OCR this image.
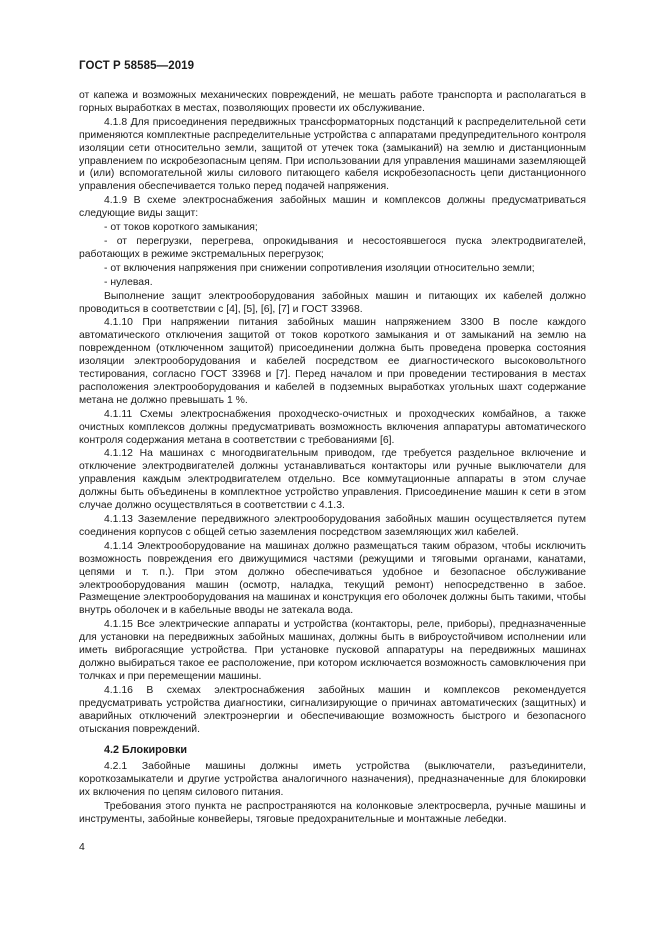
ГОСТ Р 58585—2019

от капежа и возможных механических повреждений, не мешать работе транспорта и располагаться в горных выработках в местах, позволяющих провести их обслуживание.

4.1.8 Для присоединения передвижных трансформаторных подстанций к распределительной сети применяются комплектные распределительные устройства с аппаратами предупредительного контроля изоляции сети относительно земли, защитой от утечек тока (замыканий) на землю и дистанционным управлением по искробезопасным цепям. При использовании для управления машинами заземляющей и (или) вспомогательной жилы силового питающего кабеля искробезопасность цепи дистанционного управления обеспечивается только перед подачей напряжения.

4.1.9 В схеме электроснабжения забойных машин и комплексов должны предусматриваться следующие виды защит:

- от токов короткого замыкания;

- от перегрузки, перегрева, опрокидывания и несостоявшегося пуска электродвигателей, работающих в режиме экстремальных перегрузок;

- от включения напряжения при снижении сопротивления изоляции относительно земли;

- нулевая.

Выполнение защит электрооборудования забойных машин и питающих их кабелей должно проводиться в соответствии с [4], [5], [6], [7] и ГОСТ 33968.

4.1.10 При напряжении питания забойных машин напряжением 3300 В после каждого автоматического отключения защитой от токов короткого замыкания и от замыканий на землю на поврежденном (отключенном защитой) присоединении должна быть проведена проверка состояния изоляции электрооборудования и кабелей посредством ее диагностического высоковольтного тестирования, согласно ГОСТ 33968 и [7]. Перед началом и при проведении тестирования в местах расположения электрооборудования и кабелей в подземных выработках угольных шахт содержание метана не должно превышать 1 %.

4.1.11 Схемы электроснабжения проходческо-очистных и проходческих комбайнов, а также очистных комплексов должны предусматривать возможность включения аппаратуры автоматического контроля содержания метана в соответствии с требованиями [6].

4.1.12 На машинах с многодвигательным приводом, где требуется раздельное включение и отключение электродвигателей должны устанавливаться контакторы или ручные выключатели для управления каждым электродвигателем отдельно. Все коммутационные аппараты в этом случае должны быть объединены в комплектное устройство управления. Присоединение машин к сети в этом случае должно осуществляться в соответствии с 4.1.3.

4.1.13 Заземление передвижного электрооборудования забойных машин осуществляется путем соединения корпусов с общей сетью заземления посредством заземляющих жил кабелей.

4.1.14 Электрооборудование на машинах должно размещаться таким образом, чтобы исключить возможность повреждения его движущимися частями (режущими и тяговыми органами, канатами, цепями и т. п.). При этом должно обеспечиваться удобное и безопасное обслуживание электрооборудования машин (осмотр, наладка, текущий ремонт) непосредственно в забое. Размещение электрооборудования на машинах и конструкция его оболочек должны быть такими, чтобы внутрь оболочек и в кабельные вводы не затекала вода.

4.1.15 Все электрические аппараты и устройства (контакторы, реле, приборы), предназначенные для установки на передвижных забойных машинах, должны быть в виброустойчивом исполнении или иметь виброгасящие устройства. При установке пусковой аппаратуры на передвижных машинах должно выбираться такое ее расположение, при котором исключается возможность самовключения при толчках и при перемещении машины.

4.1.16 В схемах электроснабжения забойных машин и комплексов рекомендуется предусматривать устройства диагностики, сигнализирующие о причинах автоматических (защитных) и аварийных отключений электроэнергии и обеспечивающие возможность быстрого и безопасного отыскания повреждений.

4.2 Блокировки

4.2.1 Забойные машины должны иметь устройства (выключатели, разъединители, короткозамыкатели и другие устройства аналогичного назначения), предназначенные для блокировки их включения по цепям силового питания.

Требования этого пункта не распространяются на колонковые электросверла, ручные машины и инструменты, забойные конвейеры, тяговые предохранительные и монтажные лебедки.

4
